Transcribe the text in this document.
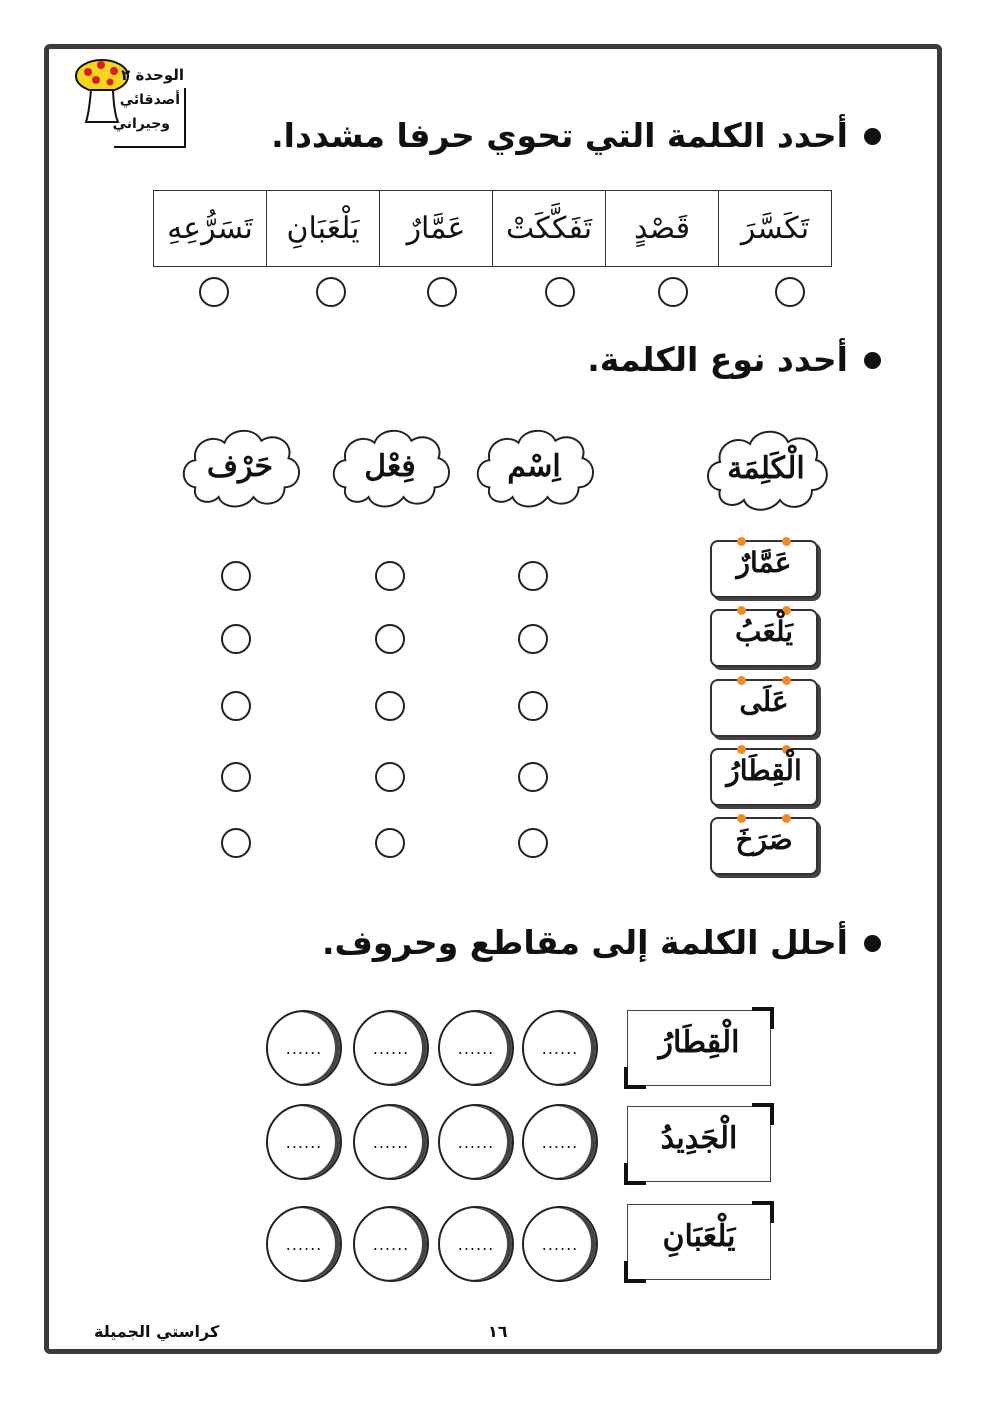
الوحدة ٢
أصدقائي
وجيراني	أحدد الكلمة التي تحوي حرفا مشددا.
تَكَسَّرَ	قَصْدٍ	تَفَكَّكَتْ	عَمَّارٌ	يَلْعَبَانِ	تَسَرُّعِهِ
أحدد نوع الكلمة.
الْكَلِمَة
اِسْم
فِعْل
حَرْف
عَمَّارٌ
يَلْعَبُ
عَلَى
الْقِطَارُ
صَرَخَ
أحلل الكلمة إلى مقاطع وحروف.
الْقِطَارُ
......
......
......
......
الْجَدِيدُ
......
......
......
......
يَلْعَبَانِ
......
......
......
......
١٦
كراستي الجميلة
